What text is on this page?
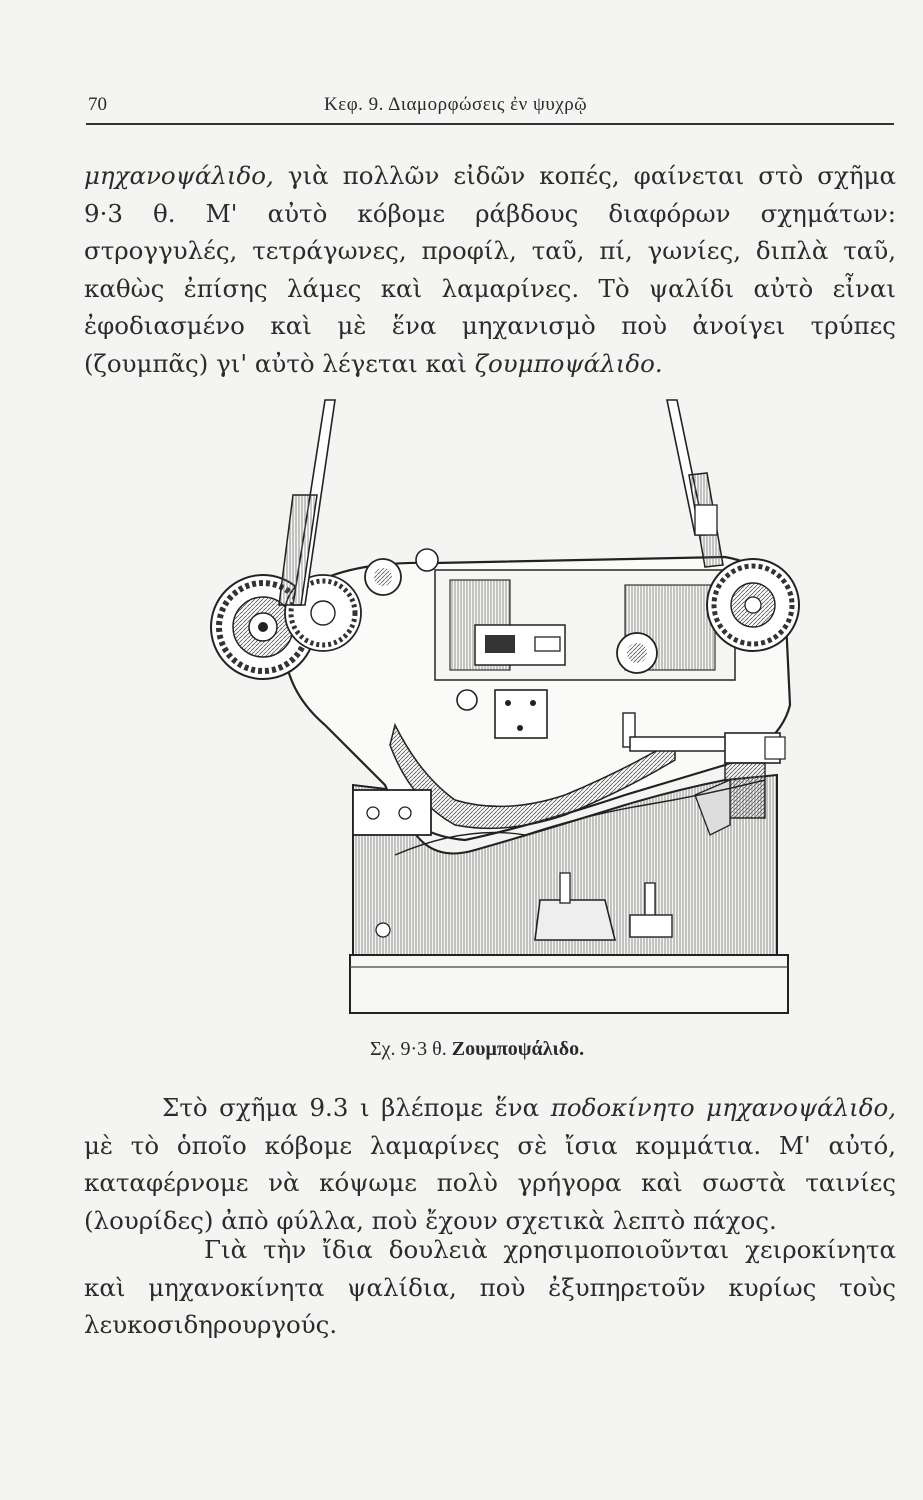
70	Κεφ. 9. Διαμορφώσεις ἐν ψυχρῷ
μηχανοψάλιδο, γιὰ πολλῶν εἰδῶν κοπές, φαίνεται στὸ σχῆμα 9·3 θ. Μ' αὐτὸ κόβομε ράβδους διαφόρων σχημάτων: στρογγυλές, τετράγωνες, προφίλ, ταῦ, πί, γωνίες, διπλὰ ταῦ, καθὼς ἐπίσης λάμες καὶ λαμαρίνες. Τὸ ψαλίδι αὐτὸ εἶναι ἐφοδιασμένο καὶ μὲ ἕνα μηχανισμὸ ποὺ ἀνοίγει τρύπες (ζουμπᾶς) γι' αὐτὸ λέγεται καὶ ζουμποψάλιδο.
Σχ. 9·3 θ. Ζουμποψάλιδο.
Στὸ σχῆμα 9.3 ι βλέπομε ἕνα ποδοκίνητο μηχανοψάλιδο, μὲ τὸ ὁποῖο κόβομε λαμαρίνες σὲ ἴσια κομμάτια. Μ' αὐτό, καταφέρνομε νὰ κόψωμε πολὺ γρήγορα καὶ σωστὰ ταινίες (λουρίδες) ἀπὸ φύλλα, ποὺ ἔχουν σχετικὰ λεπτὸ πάχος.
Γιὰ τὴν ἴδια δουλειὰ χρησιμοποιοῦνται χειροκίνητα καὶ μηχανοκίνητα ψαλίδια, ποὺ ἐξυπηρετοῦν κυρίως τοὺς λευκοσιδηρουργούς.
